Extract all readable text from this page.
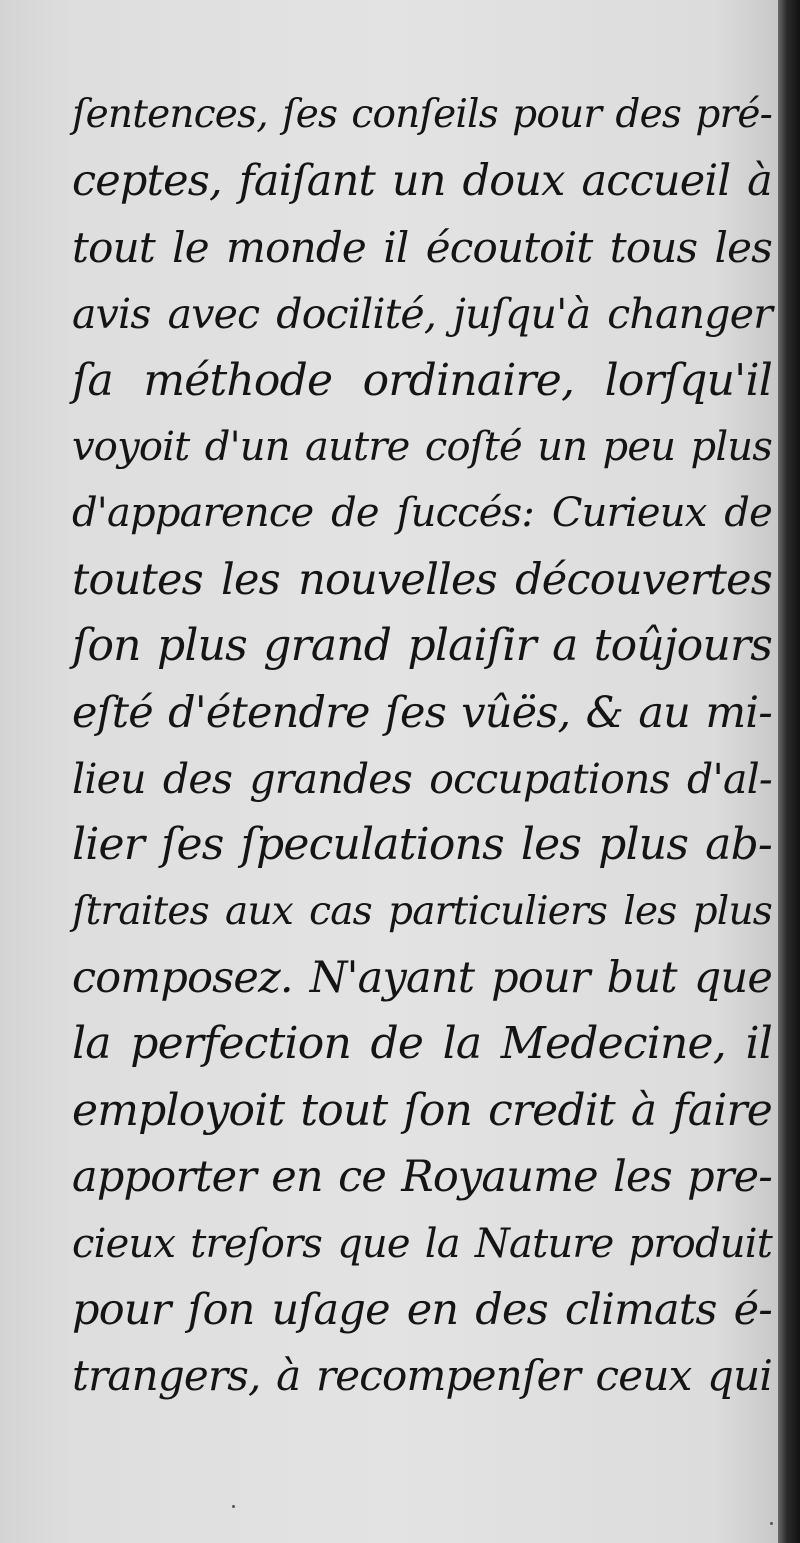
ſentences, ſes conſeils pour des pré-
ceptes, faiſant un doux accueil à
tout le monde il écoutoit tous les
avis avec docilité, juſqu'à changer
ſa méthode ordinaire, lorſqu'il
voyoit d'un autre coſté un peu plus
d'apparence de ſuccés: Curieux de
toutes les nouvelles découvertes
ſon plus grand plaiſir a toûjours
eſté d'étendre ſes vûës, & au mi-
lieu des grandes occupations d'al-
lier ſes ſpeculations les plus ab-
ſtraites aux cas particuliers les plus
composez. N'ayant pour but que
la perfection de la Medecine, il
employoit tout ſon credit à faire
apporter en ce Royaume les pre-
cieux treſors que la Nature produit
pour ſon uſage en des climats é-
trangers, à recompenſer ceux qui
